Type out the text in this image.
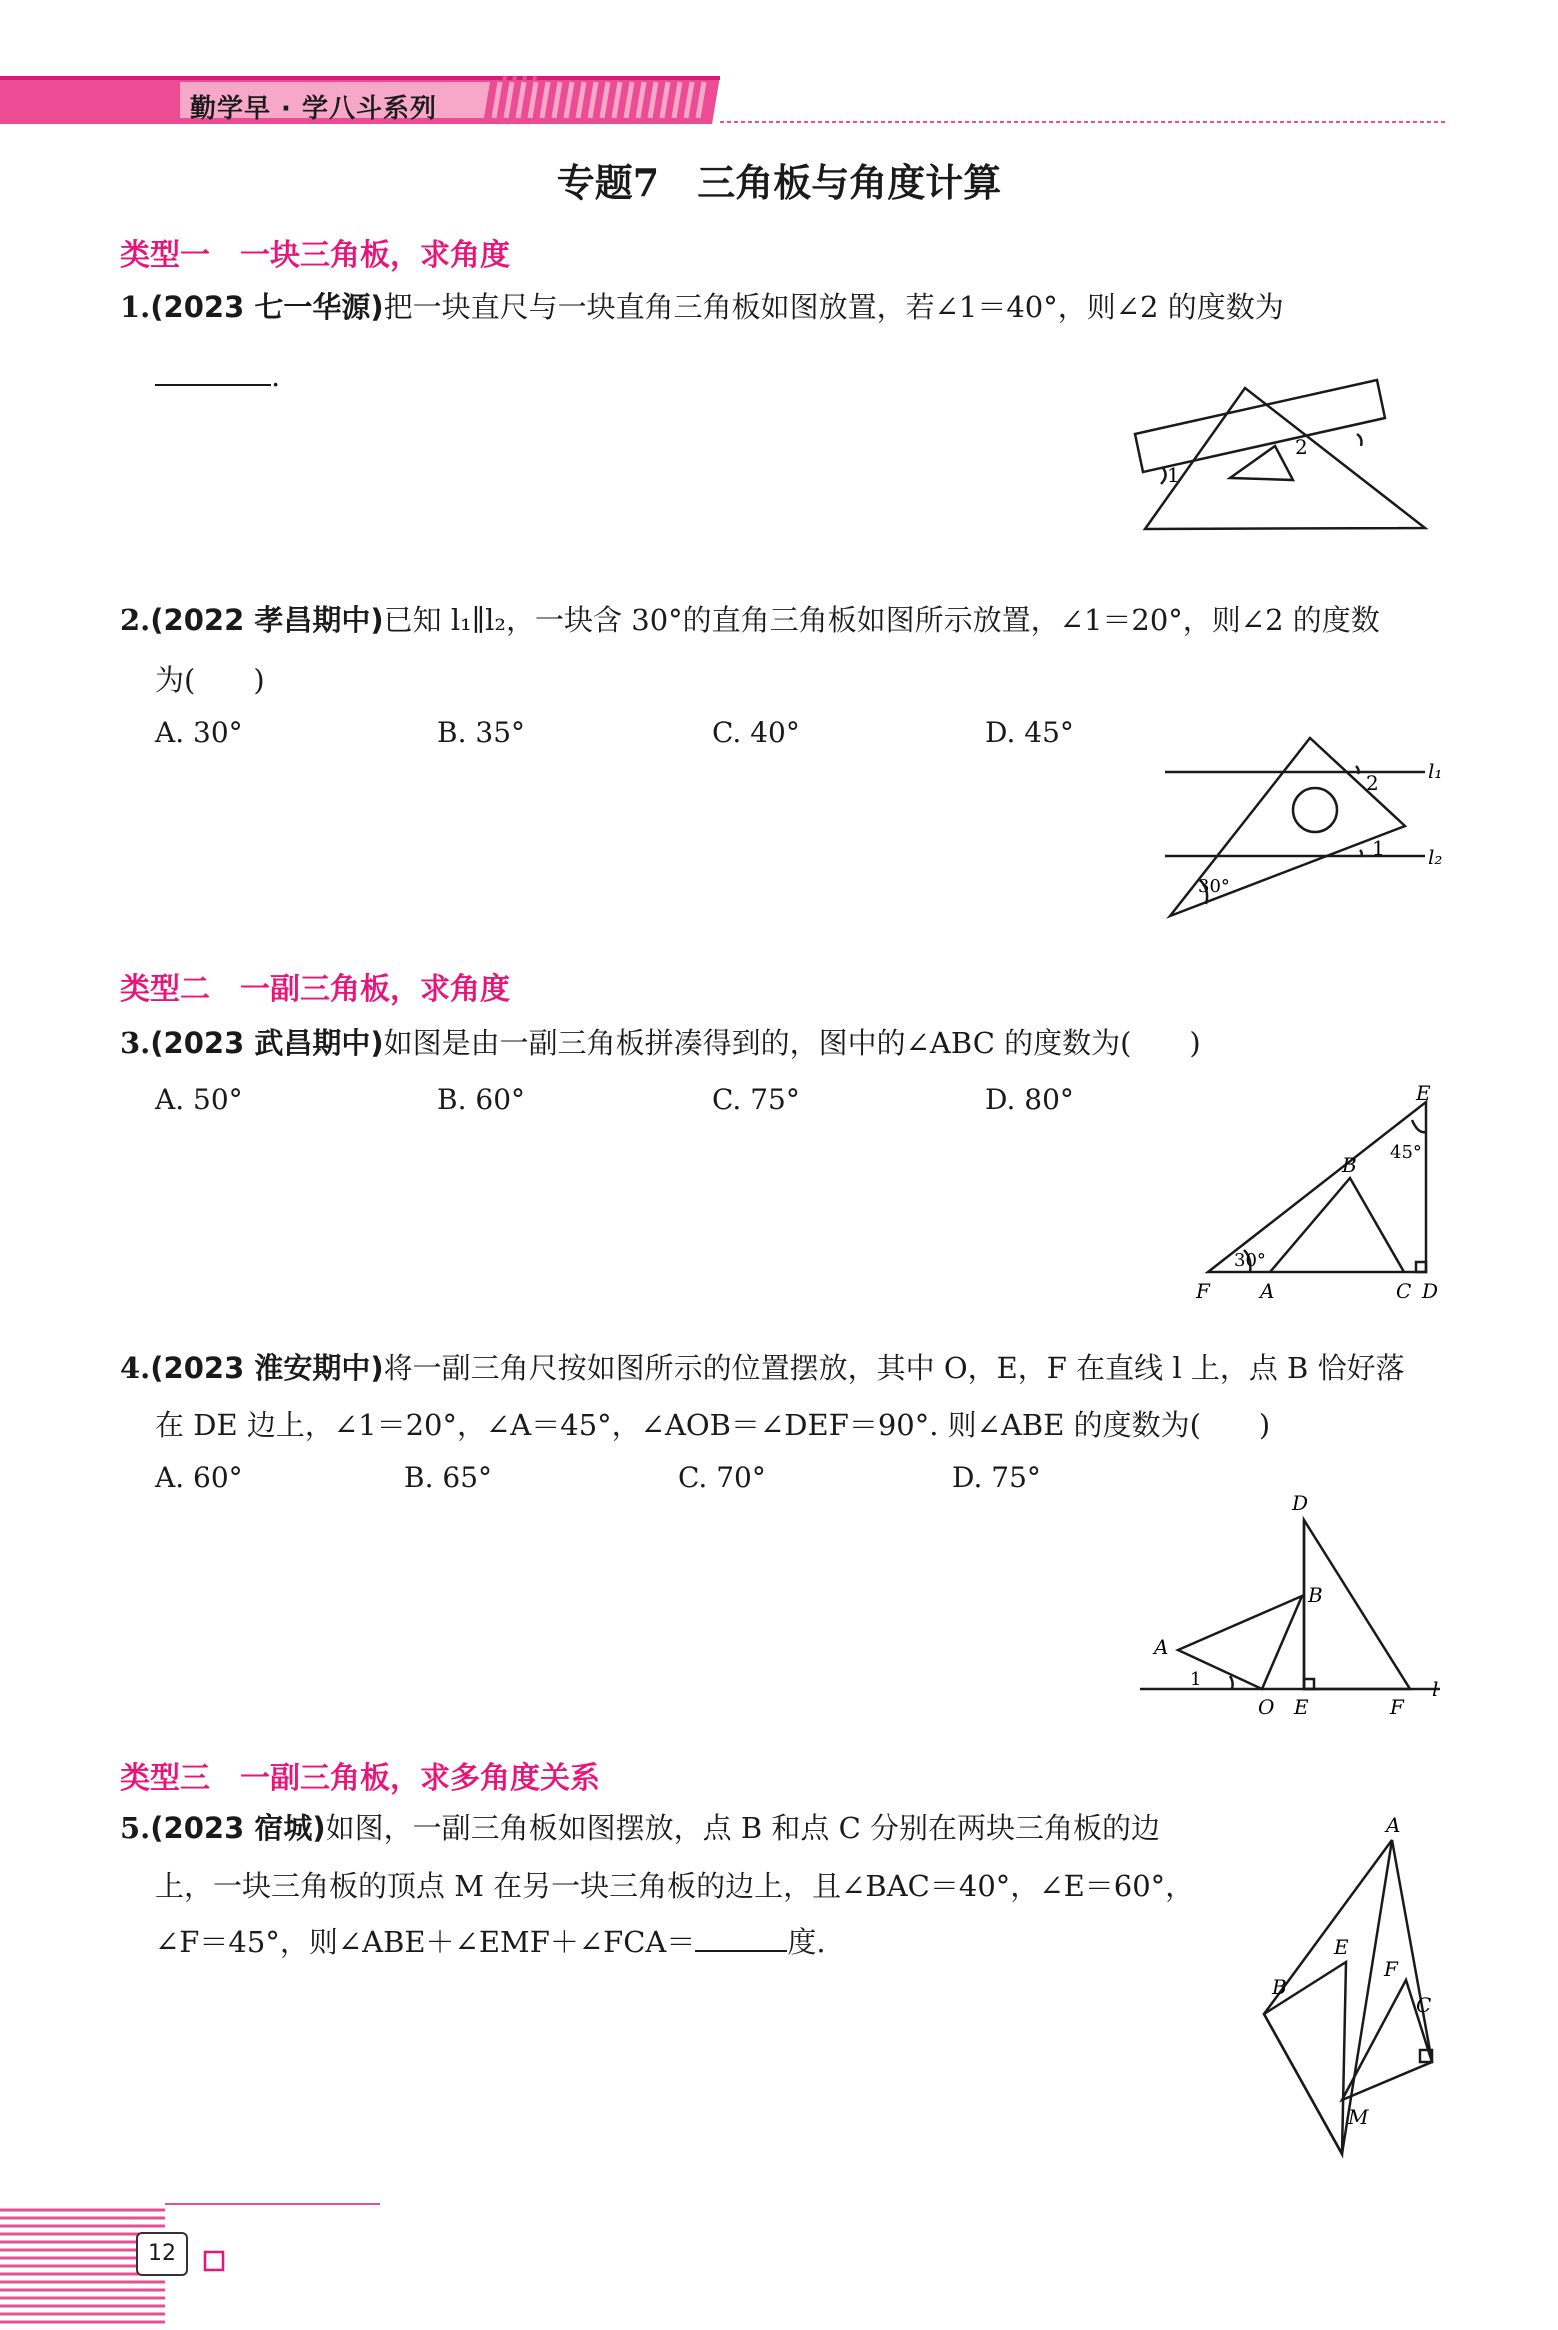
勤学早 · 学八斗系列
专题7　三角板与角度计算
类型一　一块三角板，求角度
1.(2023 七一华源)把一块直尺与一块直角三角板如图放置，若∠1＝40°，则∠2 的度数为
.
1
2
2.(2022 孝昌期中)已知 l₁∥l₂，一块含 30°的直角三角板如图所示放置，∠1＝20°，则∠2 的度数
为(　　)
A. 30°	B. 35°	C. 40°	D. 45°
2
1
l₁
l₂
30°
类型二　一副三角板，求角度
3.(2023 武昌期中)如图是由一副三角板拼凑得到的，图中的∠ABC 的度数为(　　)
A. 50°	B. 60°	C. 75°	D. 80°	E
45°
B
30°
F	A	C D
4.(2023 淮安期中)将一副三角尺按如图所示的位置摆放，其中 O，E，F 在直线 l 上，点 B 恰好落
在 DE 边上，∠1＝20°，∠A＝45°，∠AOB＝∠DEF＝90°. 则∠ABE 的度数为(　　)
A. 60°	B. 65°	C. 70°	D. 75°
D
B
A
1
O E	F
l
类型三　一副三角板，求多角度关系
5.(2023 宿城)如图，一副三角板如图摆放，点 B 和点 C 分别在两块三角板的边
上，一块三角板的顶点 M 在另一块三角板的边上，且∠BAC＝40°，∠E＝60°，
∠F＝45°，则∠ABE＋∠EMF＋∠FCA＝	度.
A
E
B
F
C
M
12
